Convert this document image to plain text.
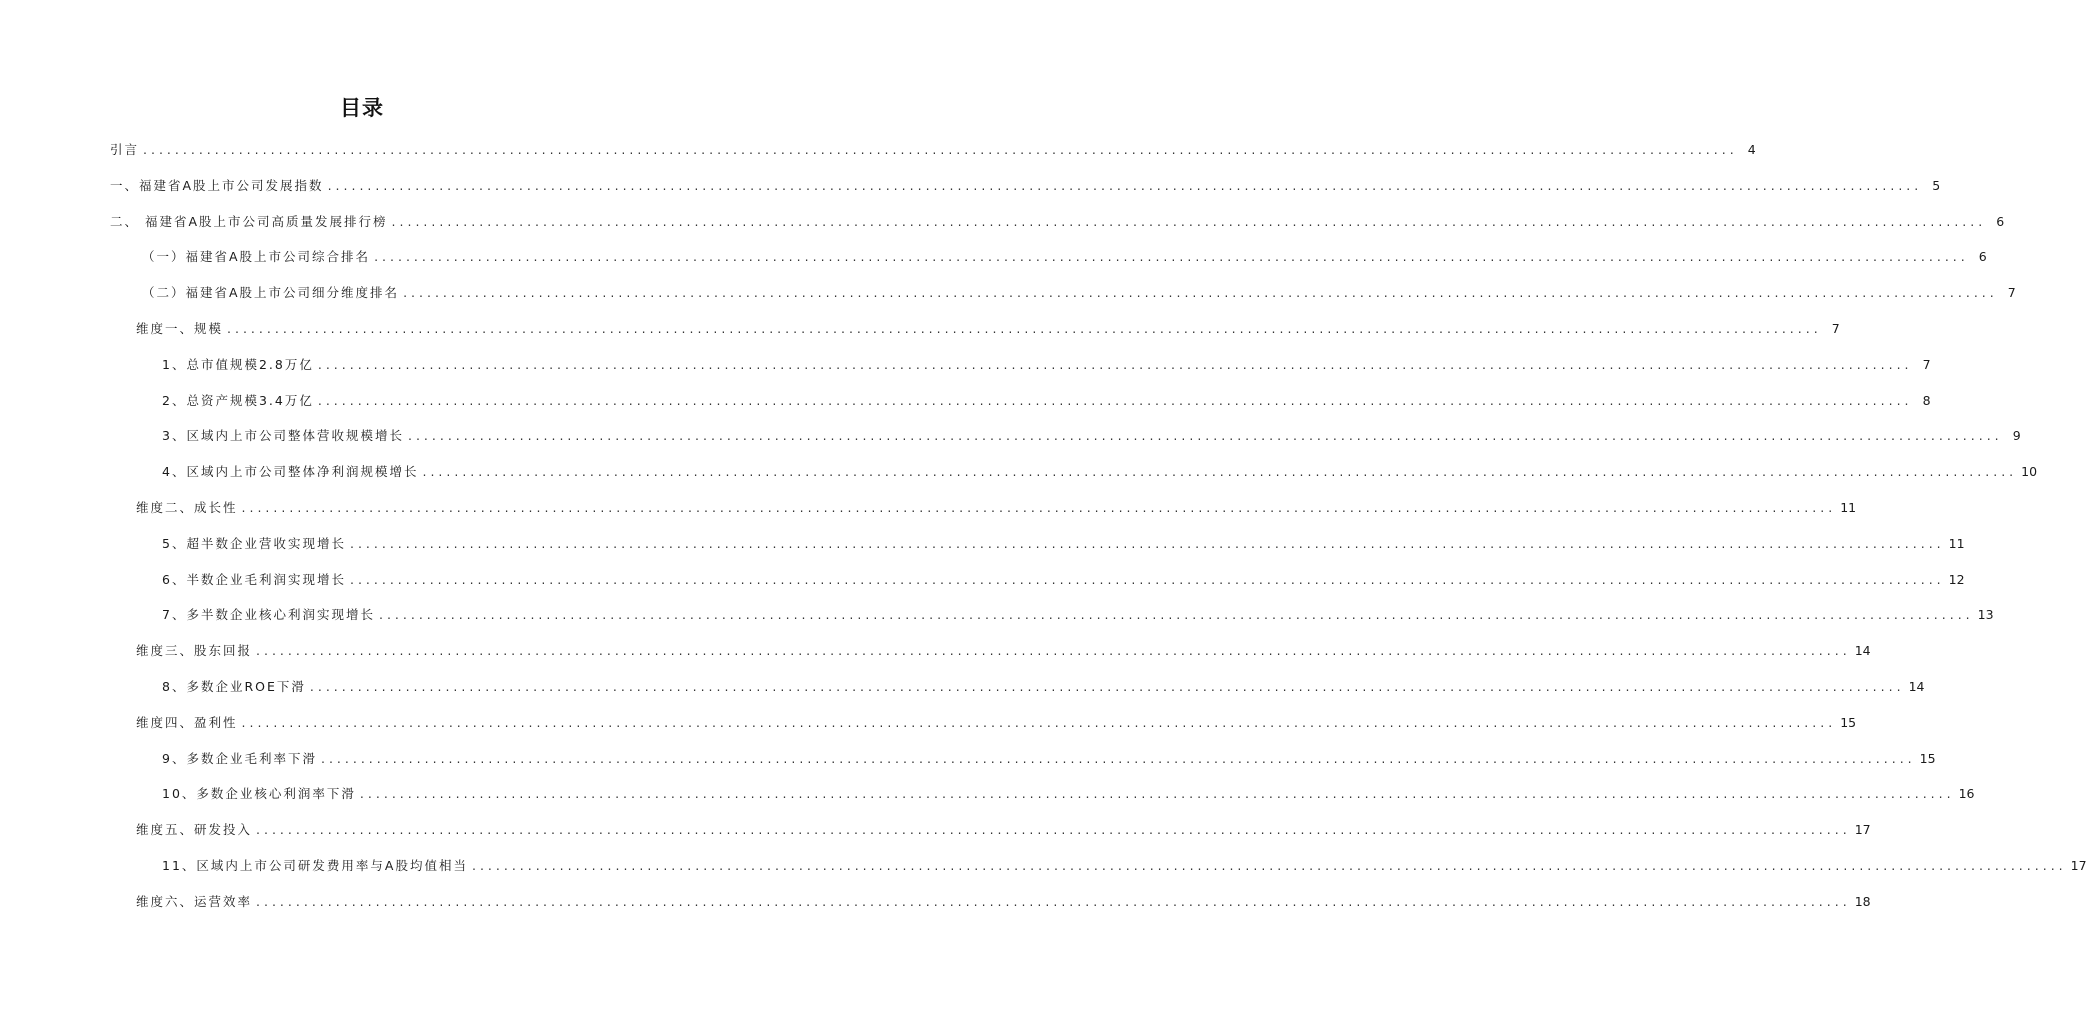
目录
引言 ........................................................................................................................................................................................................ 4
一、福建省A股上市公司发展指数 ........................................................................................................................................................................................................ 5
二、 福建省A股上市公司高质量发展排行榜 ........................................................................................................................................................................................................ 6
（一）福建省A股上市公司综合排名 ........................................................................................................................................................................................................ 6
（二）福建省A股上市公司细分维度排名 ........................................................................................................................................................................................................ 7
维度一、规模 ........................................................................................................................................................................................................ 7
1、总市值规模2.8万亿 ........................................................................................................................................................................................................ 7
2、总资产规模3.4万亿 ........................................................................................................................................................................................................ 8
3、区域内上市公司整体营收规模增长 ........................................................................................................................................................................................................ 9
4、区域内上市公司整体净利润规模增长 ........................................................................................................................................................................................................ 10
维度二、成长性 ........................................................................................................................................................................................................ 11
5、超半数企业营收实现增长 ........................................................................................................................................................................................................ 11
6、半数企业毛利润实现增长 ........................................................................................................................................................................................................ 12
7、多半数企业核心利润实现增长 ........................................................................................................................................................................................................ 13
维度三、股东回报 ........................................................................................................................................................................................................ 14
8、多数企业ROE下滑 ........................................................................................................................................................................................................ 14
维度四、盈利性 ........................................................................................................................................................................................................ 15
9、多数企业毛利率下滑 ........................................................................................................................................................................................................ 15
10、多数企业核心利润率下滑 ........................................................................................................................................................................................................ 16
维度五、研发投入 ........................................................................................................................................................................................................ 17
11、区域内上市公司研发费用率与A股均值相当 ........................................................................................................................................................................................................ 17
维度六、运营效率 ........................................................................................................................................................................................................ 18
